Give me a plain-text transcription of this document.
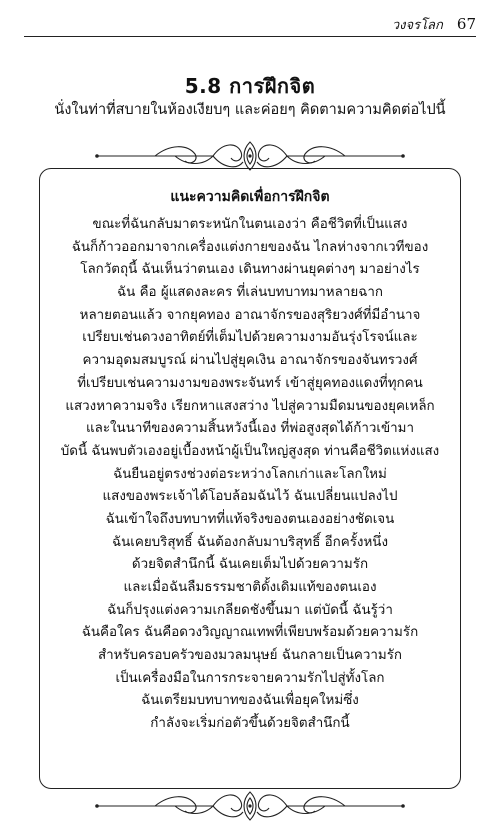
วงจรโลก 67
5.8 การฝึกจิต
นั่งในท่าที่สบายในห้องเงียบๆ และค่อยๆ คิดตามความคิดต่อไปนี้
แนะความคิดเพื่อการฝึกจิต
ขณะที่ฉันกลับมาตระหนักในตนเองว่า คือชีวิตที่เป็นแสง
ฉันก็ก้าวออกมาจากเครื่องแต่งกายของฉัน ไกลห่างจากเวทีของ
โลกวัตถุนี้ ฉันเห็นว่าตนเอง เดินทางผ่านยุคต่างๆ มาอย่างไร
ฉัน คือ ผู้แสดงละคร ที่เล่นบทบาทมาหลายฉาก
หลายตอนแล้ว จากยุคทอง อาณาจักรของสุริยวงศ์ที่มีอำนาจ
เปรียบเช่นดวงอาทิตย์ที่เต็มไปด้วยความงามอันรุ่งโรจน์และ
ความอุดมสมบูรณ์ ผ่านไปสู่ยุคเงิน อาณาจักรของจันทรวงศ์
ที่เปรียบเช่นความงามของพระจันทร์ เข้าสู่ยุคทองแดงที่ทุกคน
แสวงหาความจริง เรียกหาแสงสว่าง ไปสู่ความมืดมนของยุคเหล็ก
และในนาทีของความสิ้นหวังนี้เอง ที่พ่อสูงสุดได้ก้าวเข้ามา
บัดนี้ ฉันพบตัวเองอยู่เบื้องหน้าผู้เป็นใหญ่สูงสุด ท่านคือชีวิตแห่งแสง
ฉันยืนอยู่ตรงช่วงต่อระหว่างโลกเก่าและโลกใหม่
แสงของพระเจ้าได้โอบล้อมฉันไว้ ฉันเปลี่ยนแปลงไป
ฉันเข้าใจถึงบทบาทที่แท้จริงของตนเองอย่างชัดเจน
ฉันเคยบริสุทธิ์ ฉันต้องกลับมาบริสุทธิ์ อีกครั้งหนึ่ง
ด้วยจิตสำนึกนี้ ฉันเคยเต็มไปด้วยความรัก
และเมื่อฉันลืมธรรมชาติดั้งเดิมแท้ของตนเอง
ฉันก็ปรุงแต่งความเกลียดชังขึ้นมา แต่บัดนี้ ฉันรู้ว่า
ฉันคือใคร ฉันคือดวงวิญญาณเทพที่เพียบพร้อมด้วยความรัก
สำหรับครอบครัวของมวลมนุษย์ ฉันกลายเป็นความรัก
เป็นเครื่องมือในการกระจายความรักไปสู่ทั้งโลก
ฉันเตรียมบทบาทของฉันเพื่อยุคใหม่ซึ่ง
กำลังจะเริ่มก่อตัวขึ้นด้วยจิตสำนึกนี้
